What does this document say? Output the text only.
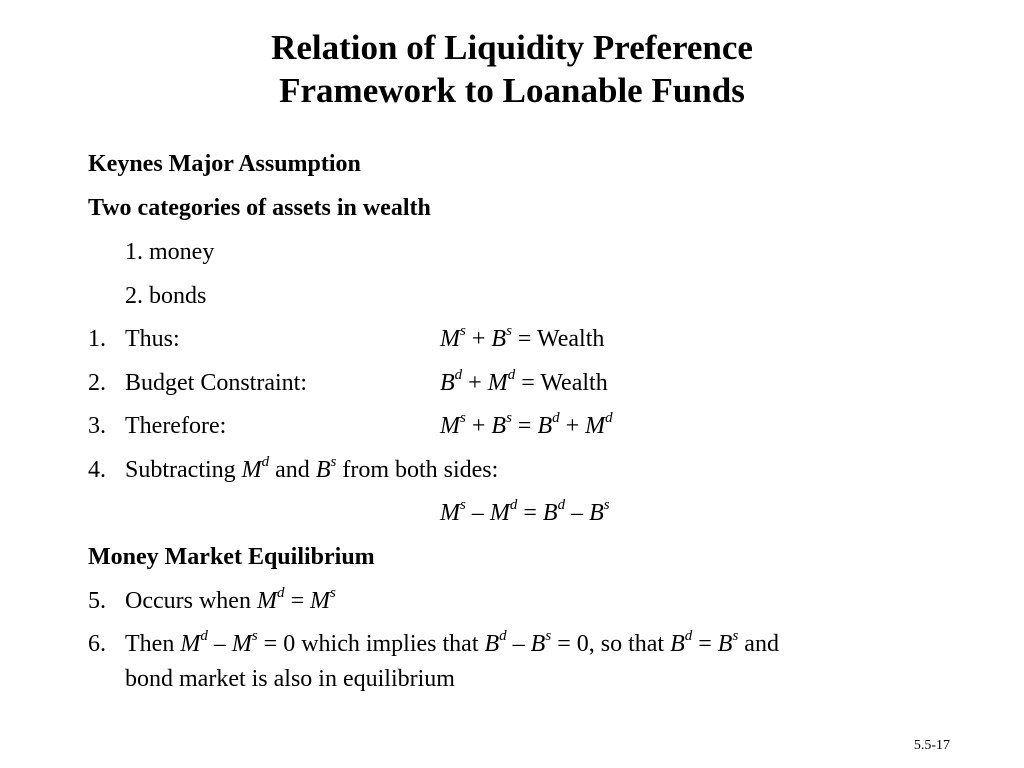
Relation of Liquidity Preference
Framework to Loanable Funds
Keynes Major Assumption
Two categories of assets in wealth
1. money
2. bonds
1. Thus:	$M^s + B^s$ = Wealth
2. Budget Constraint:	$B^d + M^d$ = Wealth
3. Therefore:	$M^s + B^s = B^d + M^d$
4. Subtracting $M^d$ and $B^s$ from both sides:
$M^s - M^d = B^d - B^s$
Money Market Equilibrium
5. Occurs when $M^d = M^s$
6. Then $M^d - M^s = 0$ which implies that $B^d - B^s = 0$, so that $B^d = B^s$ and
bond market is also in equilibrium
5.5-17
